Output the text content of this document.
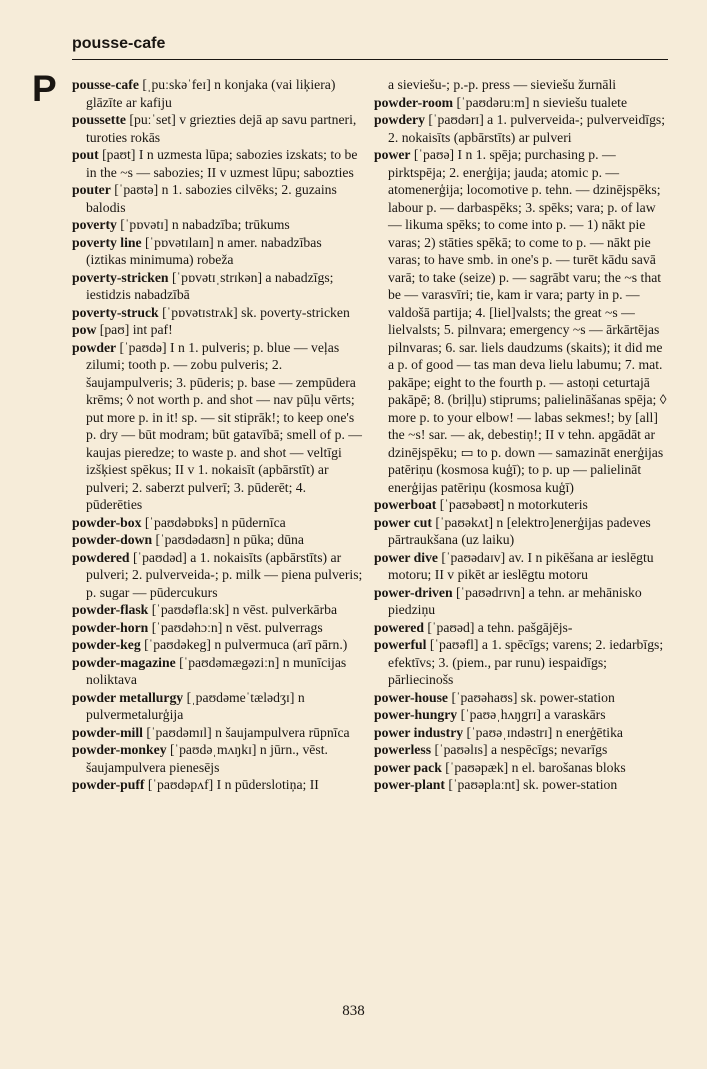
pousse-cafe
P pousse-cafe [ˌpuːskəˈfeɪ] n konjaka (vai liķiera) glāzīte ar kafiju

poussette [puːˈset] v griezties dejā ap savu partneri, turoties rokās

pout [paʊt] I n uzmesta lūpa; sabozies izskats; to be in the ~s — sabozies; II v uzmest lūpu; saboztiеs

pouter [ˈpaʊtə] n 1. sabozies cilvēks; 2. guzains balodis

poverty [ˈpɒvətɪ] n nabadzība; trūkums

poverty line [ˈpɒvətɪlaɪn] n amer. nabadzības (iztikas minimuma) robeža

poverty-stricken [ˈpɒvətɪˌstrɪkən] a nabadzīgs; iestidzis nabadzībā

poverty-struck [ˈpɒvətɪstrʌk] sk. poverty-stricken

pow [paʊ] int paf!

powder [ˈpaʊdə] I n 1. pulveris; p. blue — veļas zilumi; tooth p. — zobu pulveris; 2. šaujampulveris; 3. pūderis; p. base — zempūdera krēms; ◊ not worth p. and shot — nav pūļu vērts; put more p. in it! sp. — sit stiprāk!; to keep one's p. dry — būt modram; būt gatavībā; smell of p. — kaujas pieredze; to waste p. and shot — veltīgi izšķiest spēkus; II v 1. nokaisīt (apbārstīt) ar pulveri; 2. saberzt pulverī; 3. pūderēt; 4. pūderēties

powder-box [ˈpaʊdəbɒks] n pūdernīca

powder-down [ˈpaʊdədaʊn] n pūka; dūna

powdered [ˈpaʊdəd] a 1. nokaisīts (apbārstīts) ar pulveri; 2. pulverveida-; p. milk — piena pulveris; p. sugar — pūdercukurs

powder-flask [ˈpaʊdəflaːsk] n vēst. pulverkārba

powder-horn [ˈpaʊdəhɔːn] n vēst. pulverrags

powder-keg [ˈpaʊdəkeg] n pulvermuca (arī pārn.)

powder-magazine [ˈpaʊdəmægəziːn] n munīcijas noliktava

powder metallurgy [ˌpaʊdəmeˈtælədʒɪ] n pulvermetalurģija

powder-mill [ˈpaʊdəmɪl] n šaujampulvera rūpnīca

powder-monkey [ˈpaʊdəˌmʌŋkɪ] n jūrn., vēst. šaujampulvera pienesējs

powder-puff [ˈpaʊdəpʌf] I n pūderslotiņa; II

a sieviešu-; p.-p. press — sieviešu žurnāli

powder-room [ˈpaʊdəruːm] n sieviešu tualete

powdery [ˈpaʊdərɪ] a 1. pulverveida-; pulverveidīgs; 2. nokaisīts (apbārstīts) ar pulveri

power [ˈpaʊə] I n 1. spēja; purchasing p. — pirktspēja; 2. enerģija; jauda; atomic p. — atomenerģija; locomotive p. tehn. — dzinējspēks; labour p. — darbaspēks; 3. spēks; vara; p. of law — likuma spēks; to come into p. — 1) nākt pie varas; 2) stāties spēkā; to come to p. — nākt pie varas; to have smb. in one's p. — turēt kādu savā varā; to take (seize) p. — sagrābt varu; the ~s that be — varasvīri; tie, kam ir vara; party in p. — valdošā partija; 4. [liel]valsts; the great ~s — lielvalsts; 5. pilnvara; emergency ~s — ārkārtējas pilnvaras; 6. sar. liels daudzums (skaits); it did me a p. of good — tas man deva lielu labumu; 7. mat. pakāpe; eight to the fourth p. — astoņi ceturtajā pakāpē; 8. (briļļu) stiprums; palielināšanas spēja; ◊ more p. to your elbow! — labas sekmes!; by [all] the ~s! sar. — ak, debestiņ!; II v tehn. apgādāt ar dzinējspēku; ▭ to p. down — samazināt enerģijas patēriņu (kosmosa kuģī); to p. up — palielināt enerģijas patēriņu (kosmosa kuģī)

powerboat [ˈpaʊəbəʊt] n motorkuteris

power cut [ˈpaʊəkʌt] n [elektro]enerģijas padeves pārtraukšana (uz laiku)

power dive [ˈpaʊədaɪv] av. I n pikēšana ar ieslēgtu motoru; II v pikēt ar ieslēgtu motoru

power-driven [ˈpaʊədrɪvn] a tehn. ar mehānisko piedziņu

powered [ˈpaʊəd] a tehn. pašgājējs-

powerful [ˈpaʊəfl] a 1. spēcīgs; varens; 2. iedarbīgs; efektīvs; 3. (piem., par runu) iespaidīgs; pārliecinošs

power-house [ˈpaʊəhaʊs] sk. power-station

power-hungry [ˈpaʊəˌhʌŋgrɪ] a varaskārs

power industry [ˈpaʊəˌɪndəstrɪ] n enerģētika

powerless [ˈpaʊəlɪs] a nespēcīgs; nevarīgs

power pack [ˈpaʊəpæk] n el. barošanas bloks

power-plant [ˈpaʊəplaːnt] sk. power-station

838
